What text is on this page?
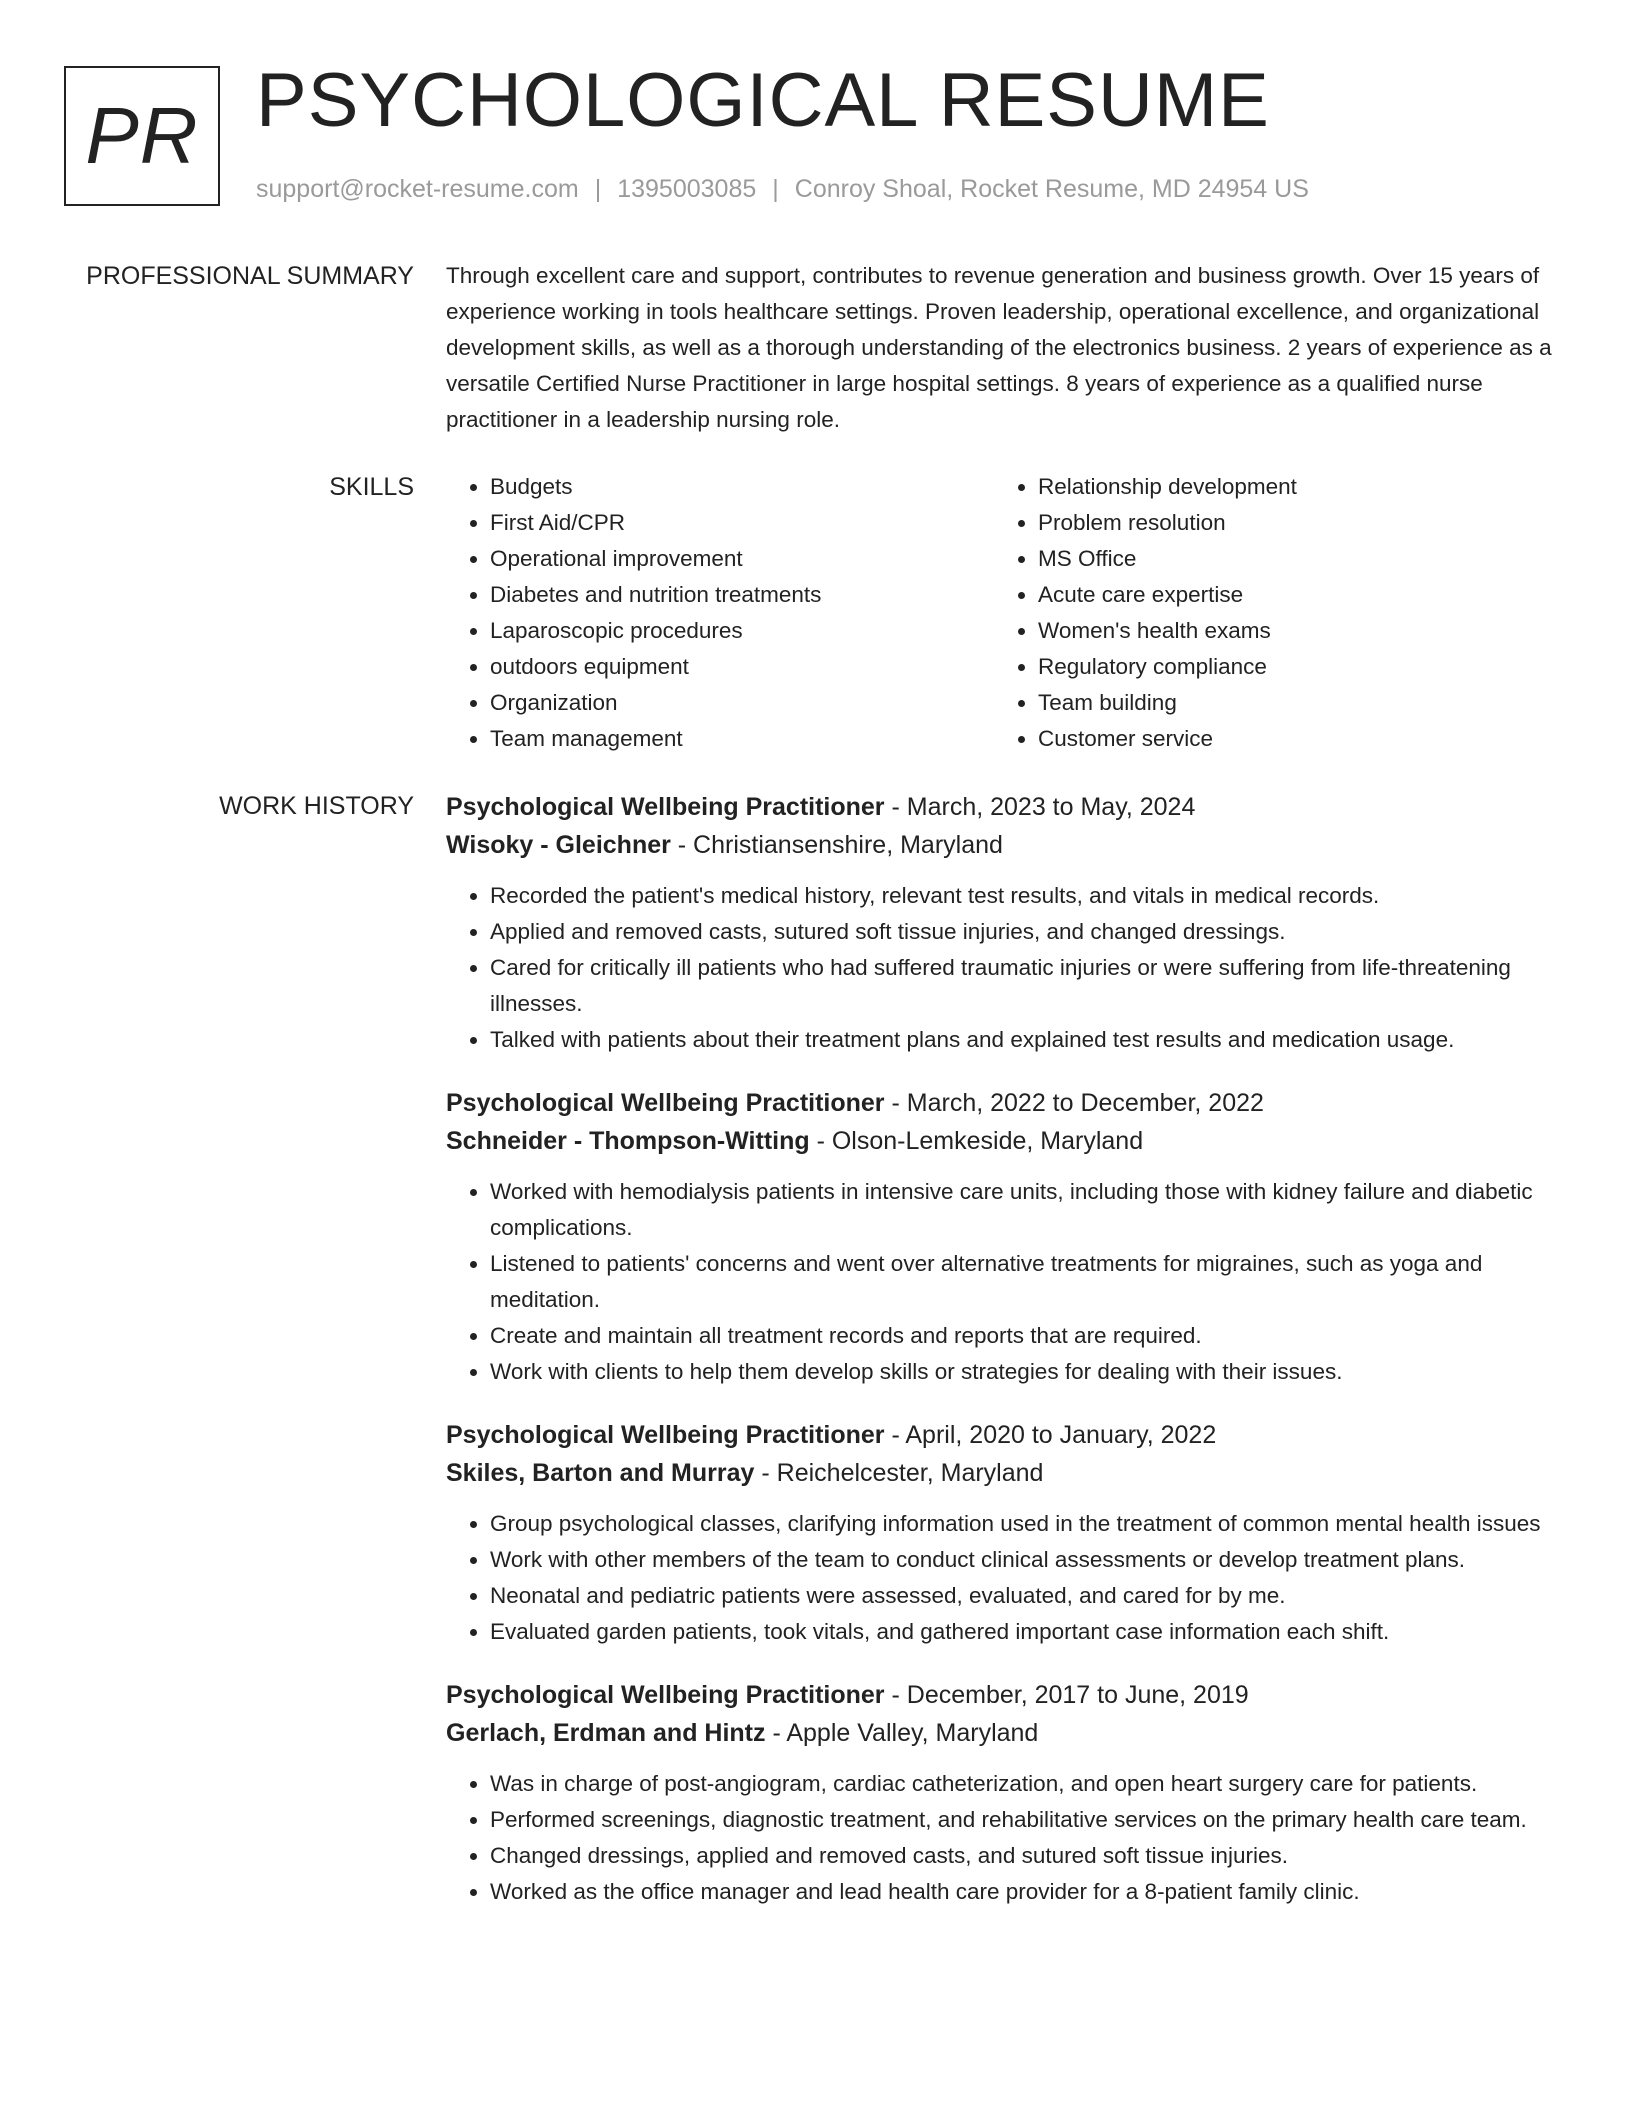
PR PSYCHOLOGICAL RESUME
support@rocket-resume.com | 1395003085 | Conroy Shoal, Rocket Resume, MD 24954 US
PROFESSIONAL SUMMARY Through excellent care and support, contributes to revenue generation and business growth. Over 15 years of experience working in tools healthcare settings. Proven leadership, operational excellence, and organizational development skills, as well as a thorough understanding of the electronics business. 2 years of experience as a versatile Certified Nurse Practitioner in large hospital settings. 8 years of experience as a qualified nurse practitioner in a leadership nursing role.

SKILLS
•	Budgets
• First Aid/CPR
• Operational improvement
• Diabetes and nutrition treatments
• Laparoscopic procedures
• outdoors equipment
• Organization
• Team management
• Relationship development
• Problem resolution
• MS Office
• Acute care expertise
• Women's health exams
• Regulatory compliance
• Team building
• Customer service
WORK HISTORY Psychological Wellbeing Practitioner - March, 2023 to May, 2024

Wisoky - Gleichner - Christiansenshire, Maryland

• Recorded the patient's medical history, relevant test results, and vitals in medical records.
• Applied and removed casts, sutured soft tissue injuries, and changed dressings.
• Cared for critically ill patients who had suffered traumatic injuries or were suffering from life-threatening illnesses.
• Talked with patients about their treatment plans and explained test results and medication usage.

Psychological Wellbeing Practitioner - March, 2022 to December, 2022

Schneider - Thompson-Witting - Olson-Lemkeside, Maryland

• Worked with hemodialysis patients in intensive care units, including those with kidney failure and diabetic complications.
• Listened to patients' concerns and went over alternative treatments for migraines, such as yoga and meditation.
• Create and maintain all treatment records and reports that are required.
• Work with clients to help them develop skills or strategies for dealing with their issues.

Psychological Wellbeing Practitioner - April, 2020 to January, 2022

Skiles, Barton and Murray - Reichelcester, Maryland

• Group psychological classes, clarifying information used in the treatment of common mental health issues
• Work with other members of the team to conduct clinical assessments or develop treatment plans.
• Neonatal and pediatric patients were assessed, evaluated, and cared for by me.
• Evaluated garden patients, took vitals, and gathered important case information each shift.

Psychological Wellbeing Practitioner - December, 2017 to June, 2019

Gerlach, Erdman and Hintz - Apple Valley, Maryland

• Was in charge of post-angiogram, cardiac catheterization, and open heart surgery care for patients.
• Performed screenings, diagnostic treatment, and rehabilitative services on the primary health care team.
• Changed dressings, applied and removed casts, and sutured soft tissue injuries.
• Worked as the office manager and lead health care provider for a 8-patient family clinic.
